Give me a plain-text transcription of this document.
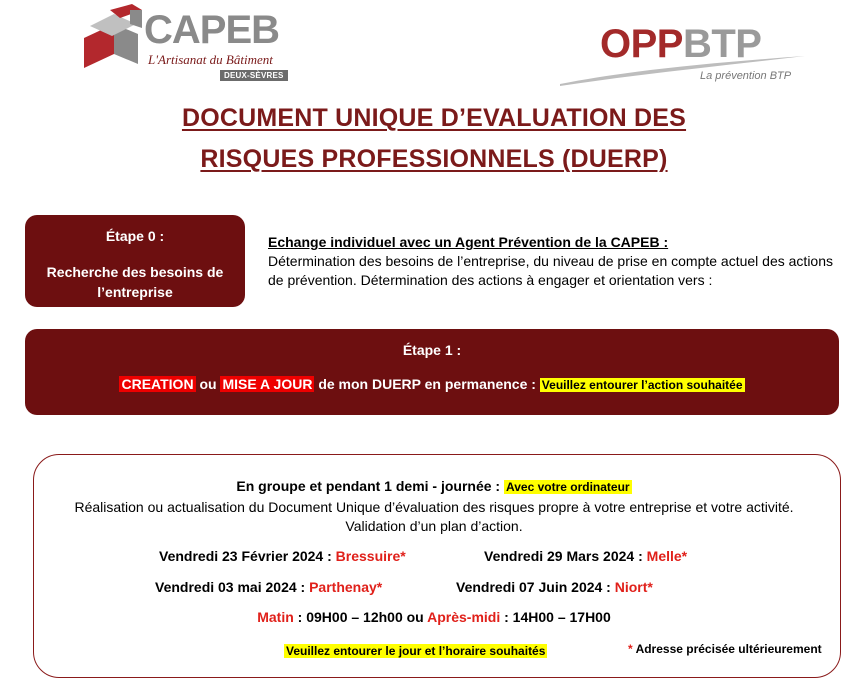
CAPEB
L'Artisanat du Bâtiment
DEUX-SÈVRES
OPPBTP
La prévention BTP
DOCUMENT UNIQUE D’EVALUATION DES
RISQUES PROFESSIONNELS (DUERP)
Étape 0 :
Recherche des besoins de l’entreprise
Echange individuel avec un Agent Prévention de la CAPEB :
Détermination des besoins de l’entreprise, du niveau de prise en compte actuel des actions de prévention. Détermination des actions à engager et orientation vers :
Étape 1 :
CREATION ou MISE A JOUR de mon DUERP en permanence : Veuillez entourer l’action souhaitée
En groupe et pendant 1 demi - journée : Avec votre ordinateur
Réalisation ou actualisation du Document Unique d’évaluation des risques propre à votre entreprise et votre activité.
Validation d’un plan d’action.
Vendredi 23 Février 2024 : Bressuire*	Vendredi 29 Mars 2024 : Melle*
Vendredi 03 mai 2024 : Parthenay*	Vendredi 07 Juin 2024 : Niort*
Matin : 09H00 – 12h00 ou Après-midi : 14H00 – 17H00
Veuillez entourer le jour et l’horaire souhaités	* Adresse précisée ultérieurement
